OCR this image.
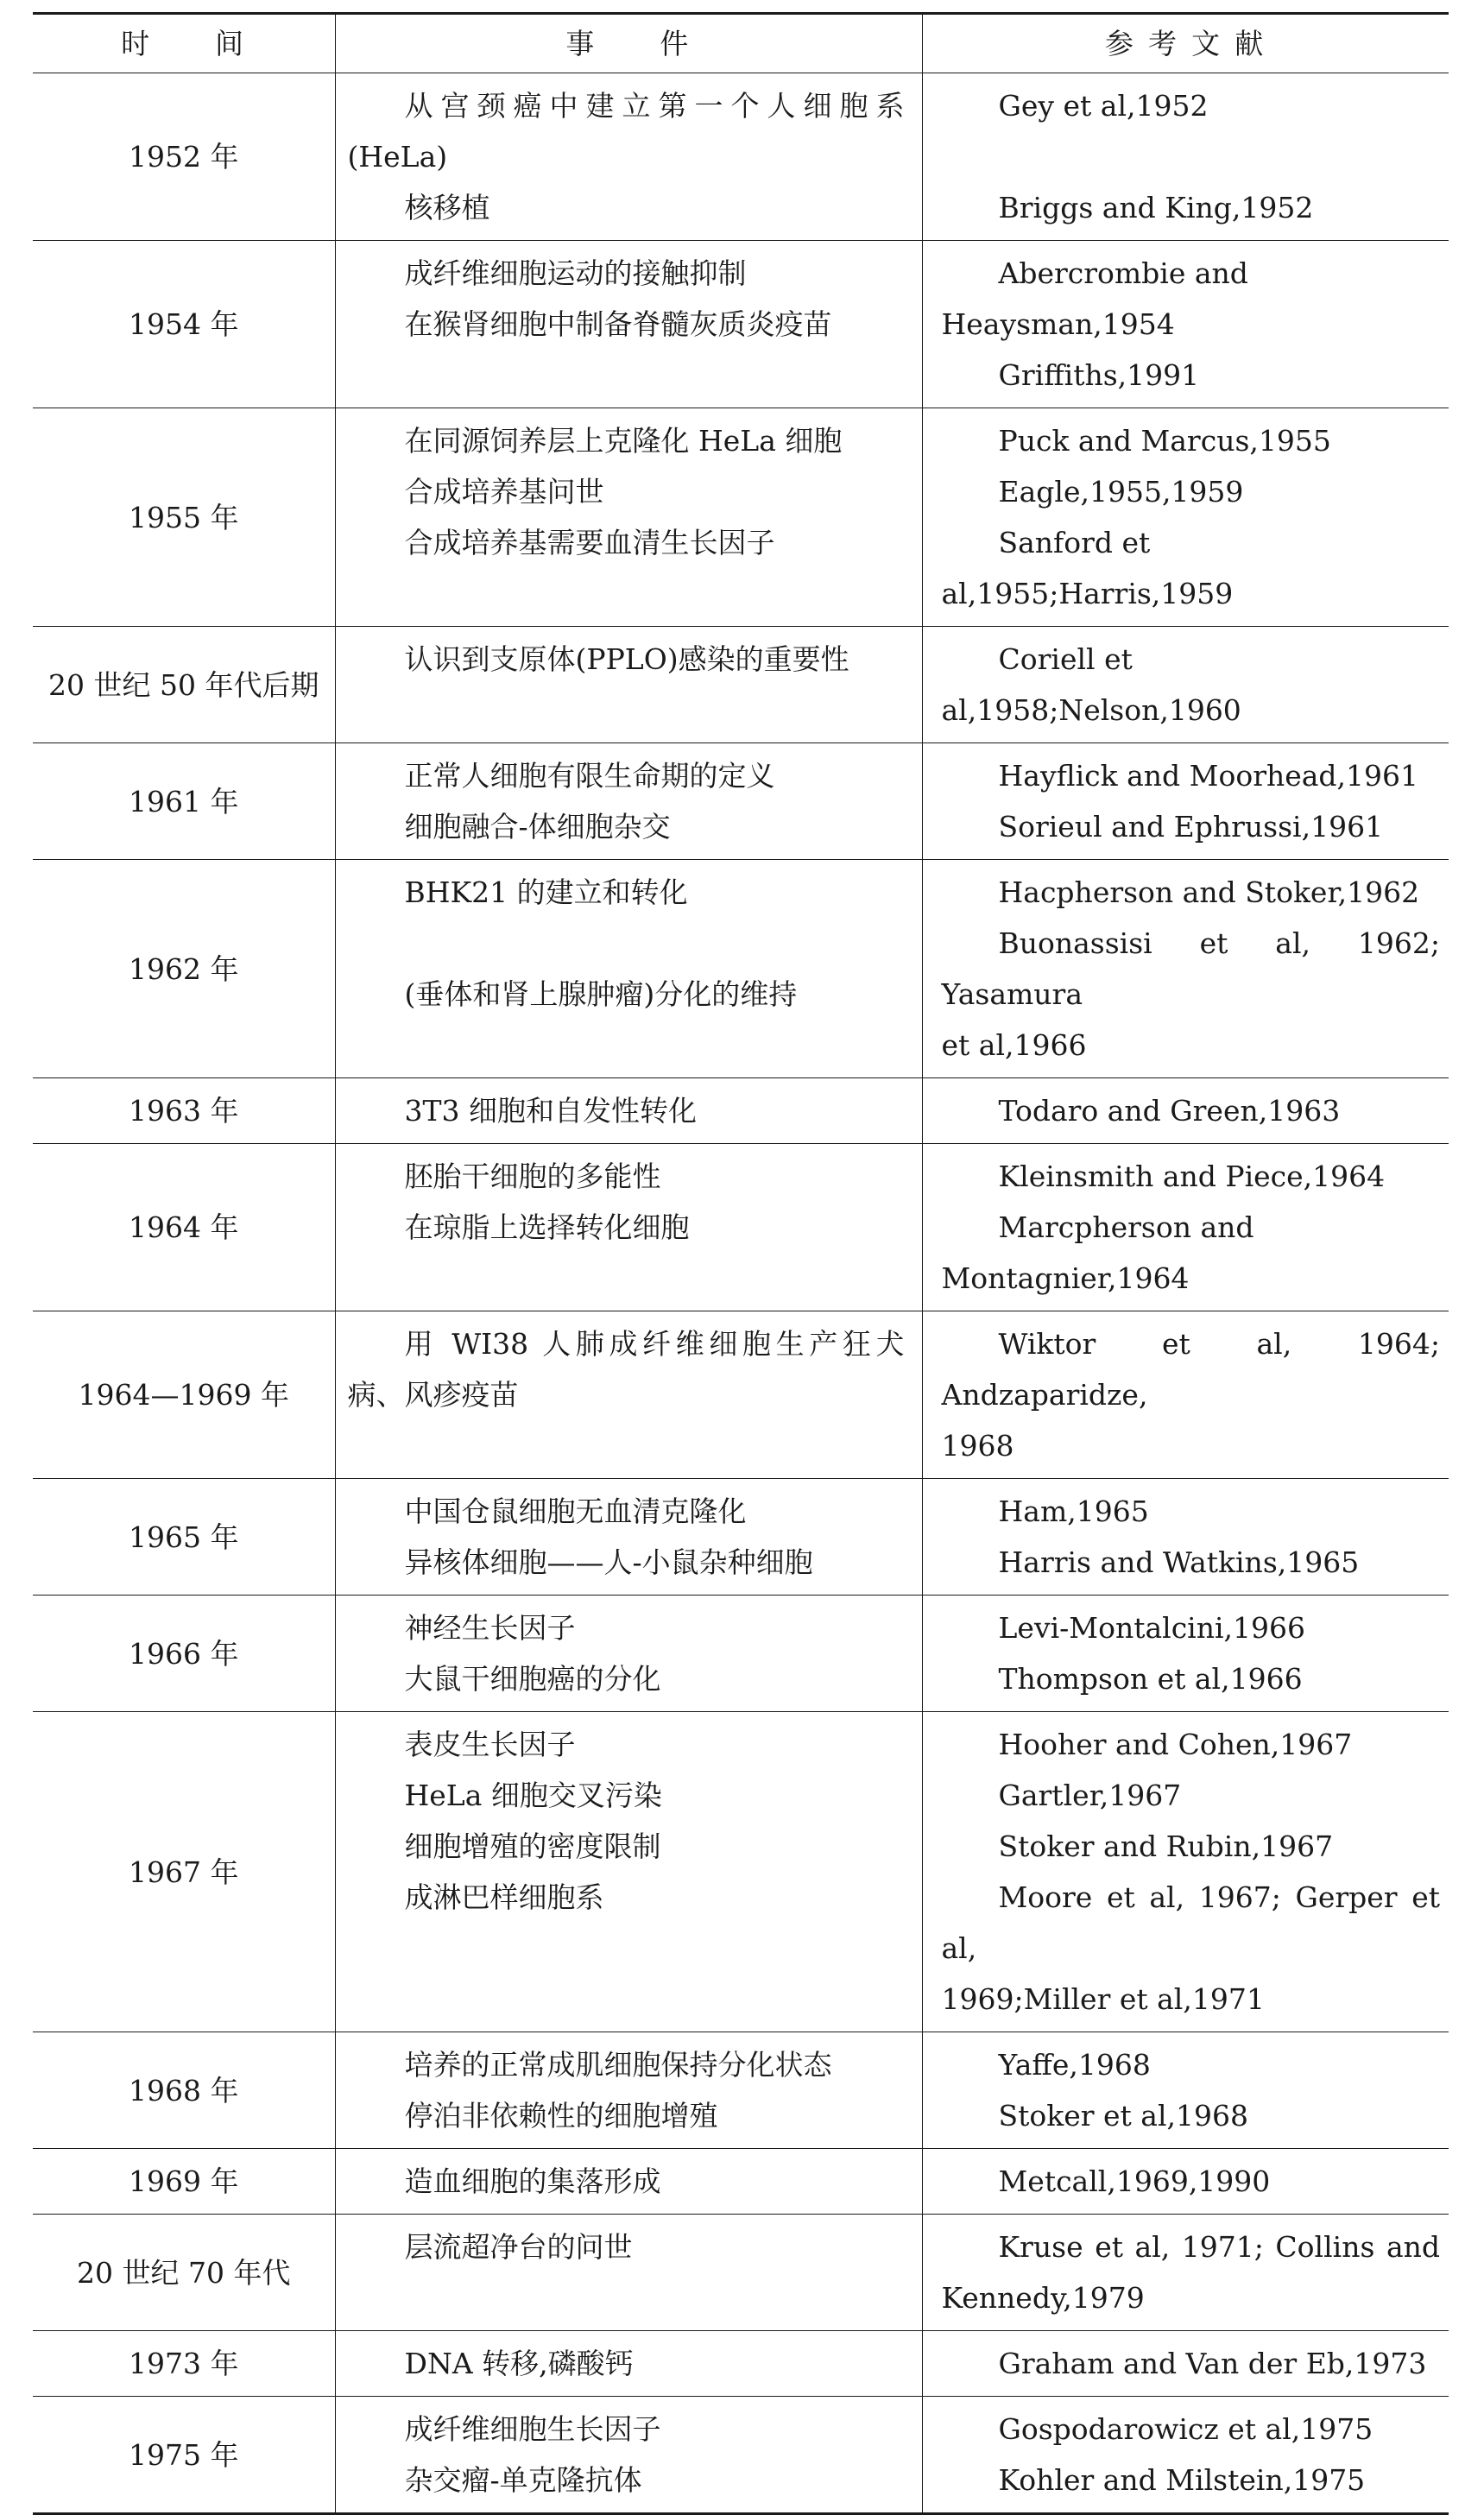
时　　间	事　　件	参 考 文 献
1952 年	从宫颈癌中建立第一个人细胞系
(HeLa)
核移植	Gey et al,1952
Briggs and King,1952

1954 年	成纤维细胞运动的接触抑制
在猴肾细胞中制备脊髓灰质炎疫苗	Abercrombie and Heaysman,1954
Griffiths,1991

1955 年	在同源饲养层上克隆化 HeLa 细胞
合成培养基问世
合成培养基需要血清生长因子	Puck and Marcus,1955
Eagle,1955,1959
Sanford et al,1955;Harris,1959

20 世纪 50 年代后期	认识到支原体(PPLO)感染的重要性	Coriell et al,1958;Nelson,1960

1961 年	正常人细胞有限生命期的定义
细胞融合-体细胞杂交	Hayflick and Moorhead,1961
Sorieul and Ephrussi,1961

1962 年	BHK21 的建立和转化
(垂体和肾上腺肿瘤)分化的维持	Hacpherson and Stoker,1962
Buonassisi et al, 1962; Yasamura
et al,1966

1963 年	3T3 细胞和自发性转化	Todaro and Green,1963

1964 年	胚胎干细胞的多能性
在琼脂上选择转化细胞	Kleinsmith and Piece,1964
Marcpherson and Montagnier,1964

1964—1969 年	用 WI38 人肺成纤维细胞生产狂犬
病、风疹疫苗	Wiktor et al, 1964; Andzaparidze,
1968

1965 年	中国仓鼠细胞无血清克隆化
异核体细胞——人-小鼠杂种细胞	Ham,1965
Harris and Watkins,1965

1966 年	神经生长因子
大鼠干细胞癌的分化	Levi-Montalcini,1966
Thompson et al,1966

1967 年	表皮生长因子
HeLa 细胞交叉污染
细胞增殖的密度限制
成淋巴样细胞系	Hooher and Cohen,1967
Gartler,1967
Stoker and Rubin,1967
Moore et al, 1967; Gerper et al,
1969;Miller et al,1971

1968 年	培养的正常成肌细胞保持分化状态
停泊非依赖性的细胞增殖	Yaffe,1968
Stoker et al,1968

1969 年	造血细胞的集落形成	Metcall,1969,1990

20 世纪 70 年代	层流超净台的问世	Kruse et al, 1971; Collins and
Kennedy,1979

1973 年	DNA 转移,磷酸钙	Graham and Van der Eb,1973

1975 年	成纤维细胞生长因子
杂交瘤-单克隆抗体	Gospodarowicz et al,1975
Kohler and Milstein,1975
